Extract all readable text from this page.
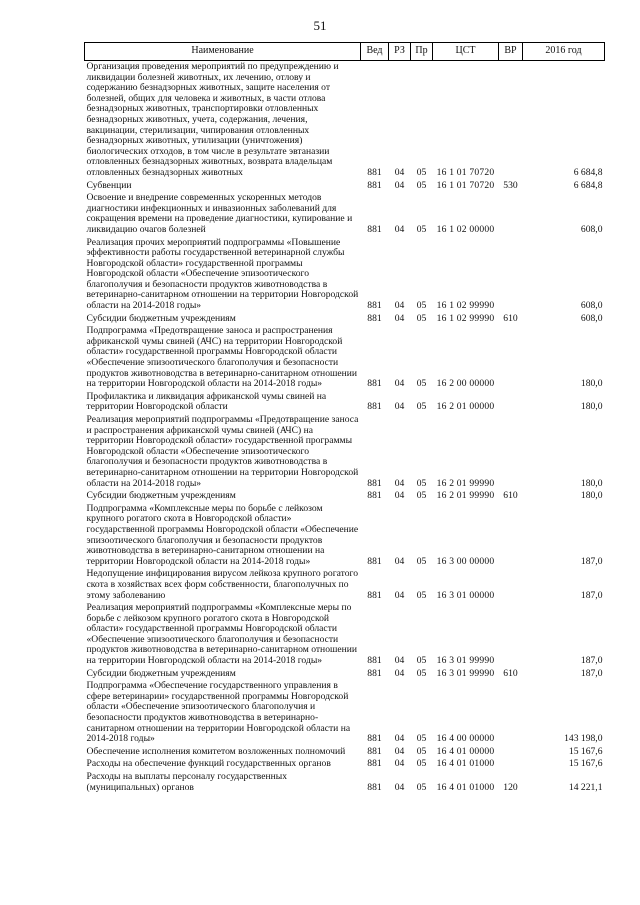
51
Наименование	Вед	РЗ	Пр	ЦСТ	ВР	2016 год
Организация проведения мероприятий по предупреждению и ликвидации болезней животных, их лечению, отлову и содержанию безнадзорных животных, защите населения от болезней, общих для человека и животных, в части отлова безнадзорных животных, транспортировки отловленных безнадзорных животных, учета, содержания, лечения, вакцинации, стерилизации, чипирования отловленных безнадзорных животных, утилизации (уничтожения) биологических отходов, в том числе в результате эвтаназии отловленных безнадзорных животных, возврата владельцам отловленных безнадзорных животных	881	04	05	16 1 01 70720		6 684,8
Субвенции	881	04	05	16 1 01 70720	530	6 684,8
Освоение и внедрение современных ускоренных методов диагностики инфекционных и инвазионных заболеваний для сокращения времени на проведение диагностики, купирование и ликвидацию очагов болезней	881	04	05	16 1 02 00000		608,0
Реализация прочих мероприятий подпрограммы «Повышение эффективности работы государственной ветеринарной службы Новгородской области» государственной программы Новгородской области «Обеспечение эпизоотического благополучия и безопасности продуктов животноводства в ветеринарно-санитарном отношении на территории Новгородской области на 2014-2018 годы»	881	04	05	16 1 02 99990		608,0
Субсидии бюджетным учреждениям	881	04	05	16 1 02 99990	610	608,0
Подпрограмма «Предотвращение заноса и распространения африканской чумы свиней (АЧС) на территории Новгородской области» государственной программы Новгородской области «Обеспечение эпизоотического благополучия и безопасности продуктов животноводства в ветеринарно-санитарном отношении на территории Новгородской области на 2014-2018 годы»	881	04	05	16 2 00 00000		180,0
Профилактика и ликвидация африканской чумы свиней на территории Новгородской области	881	04	05	16 2 01 00000		180,0
Реализация мероприятий подпрограммы «Предотвращение заноса и распространения африканской чумы свиней (АЧС) на территории Новгородской области» государственной программы Новгородской области «Обеспечение эпизоотического благополучия и безопасности продуктов животноводства в ветеринарно-санитарном отношении на территории Новгородской области на 2014-2018 годы»	881	04	05	16 2 01 99990		180,0
Субсидии бюджетным учреждениям	881	04	05	16 2 01 99990	610	180,0
Подпрограмма «Комплексные меры по борьбе с лейкозом крупного рогатого скота в Новгородской области» государственной программы Новгородской области «Обеспечение эпизоотического благополучия и безопасности продуктов животноводства в ветеринарно-санитарном отношении на территории Новгородской области на 2014-2018 годы»	881	04	05	16 3 00 00000		187,0
Недопущение инфицирования вирусом лейкоза крупного рогатого скота в хозяйствах всех форм собственности, благополучных по этому заболеванию	881	04	05	16 3 01 00000		187,0
Реализация мероприятий подпрограммы «Комплексные меры по борьбе с лейкозом крупного рогатого скота в Новгородской области» государственной программы Новгородской области «Обеспечение эпизоотического благополучия и безопасности продуктов животноводства в ветеринарно-санитарном отношении на территории Новгородской области на 2014-2018 годы»	881	04	05	16 3 01 99990		187,0
Субсидии бюджетным учреждениям	881	04	05	16 3 01 99990	610	187,0
Подпрограмма «Обеспечение государственного управления в сфере ветеринарии» государственной программы Новгородской области «Обеспечение эпизоотического благополучия и безопасности продуктов животноводства в ветеринарно-санитарном отношении на территории Новгородской области на 2014-2018 годы»	881	04	05	16 4 00 00000		143 198,0
Обеспечение исполнения комитетом возложенных полномочий	881	04	05	16 4 01 00000		15 167,6
Расходы на обеспечение функций государственных органов	881	04	05	16 4 01 01000		15 167,6
Расходы на выплаты персоналу государственных (муниципальных) органов	881	04	05	16 4 01 01000	120	14 221,1
